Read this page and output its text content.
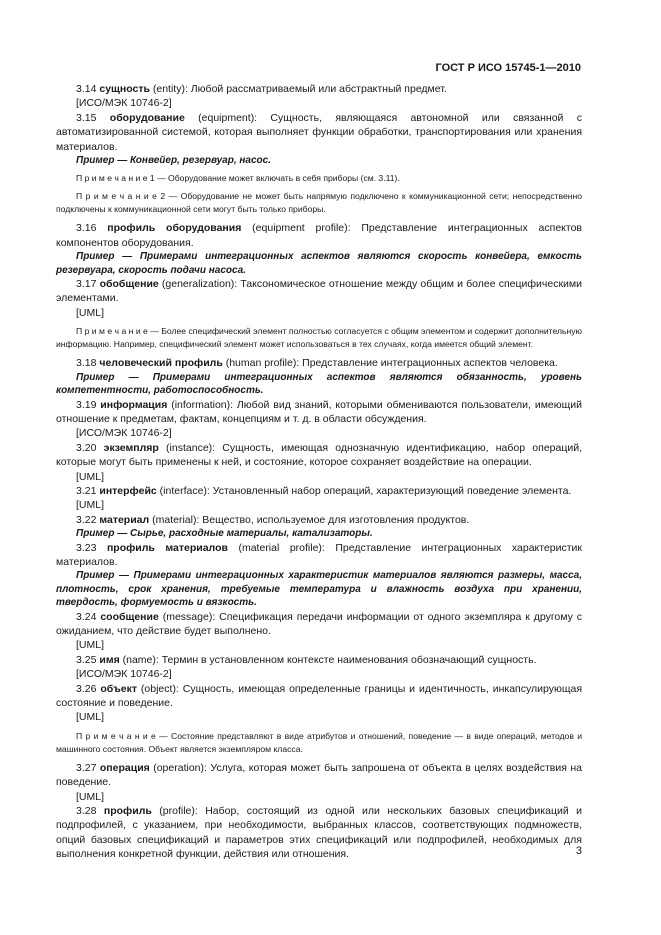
ГОСТ Р ИСО 15745-1—2010

3.14 сущность (entity): Любой рассматриваемый или абстрактный предмет.

[ИСО/МЭК 10746-2]

3.15 оборудование (equipment): Сущность, являющаяся автономной или связанной с автоматизированной системой, которая выполняет функции обработки, транспортирования или хранения материалов.

Пример — Конвейер, резервуар, насос.

П р и м е ч а н и е 1 — Оборудование может включать в себя приборы (см. 3.11).

П р и м е ч а н и е 2 — Оборудование не может быть напрямую подключено к коммуникационной сети; непосредственно подключены к коммуникационной сети могут быть только приборы.

3.16 профиль оборудования (equipment profile): Представление интеграционных аспектов компонентов оборудования.

Пример — Примерами интеграционных аспектов являются скорость конвейера, емкость резервуара, скорость подачи насоса.

3.17 обобщение (generalization): Таксономическое отношение между общим и более специфическими элементами.

[UML]

П р и м е ч а н и е — Более специфический элемент полностью согласуется с общим элементом и содержит дополнительную информацию. Например, специфический элемент может использоваться в тех случаях, когда имеется общий элемент.

3.18 человеческий профиль (human profile): Представление интеграционных аспектов человека.

Пример — Примерами интеграционных аспектов являются обязанность, уровень компетентности, работоспособность.

3.19 информация (information): Любой вид знаний, которыми обмениваются пользователи, имеющий отношение к предметам, фактам, концепциям и т. д. в области обсуждения.

[ИСО/МЭК 10746-2]

3.20 экземпляр (instance): Сущность, имеющая однозначную идентификацию, набор операций, которые могут быть применены к ней, и состояние, которое сохраняет воздействие на операции.

[UML]

3.21 интерфейс (interface): Установленный набор операций, характеризующий поведение элемента.

[UML]

3.22 материал (material): Вещество, используемое для изготовления продуктов.

Пример — Сырье, расходные материалы, катализаторы.

3.23 профиль материалов (material profile): Представление интеграционных характеристик материалов.

Пример — Примерами интеграционных характеристик материалов являются размеры, масса, плотность, срок хранения, требуемые температура и влажность воздуха при хранении, твердость, формуемость и вязкость.

3.24 сообщение (message): Спецификация передачи информации от одного экземпляра к другому с ожиданием, что действие будет выполнено.

[UML]

3.25 имя (name): Термин в установленном контексте наименования обозначающий сущность.

[ИСО/МЭК 10746-2]

3.26 объект (object): Сущность, имеющая определенные границы и идентичность, инкапсулирующая состояние и поведение.

[UML]

П р и м е ч а н и е — Состояние представляют в виде атрибутов и отношений, поведение — в виде операций, методов и машинного состояния. Объект является экземпляром класса.

3.27 операция (operation): Услуга, которая может быть запрошена от объекта в целях воздействия на поведение.

[UML]

3.28 профиль (profile): Набор, состоящий из одной или нескольких базовых спецификаций и подпрофилей, с указанием, при необходимости, выбранных классов, соответствующих подмножеств, опций базовых спецификаций и параметров этих спецификаций или подпрофилей, необходимых для выполнения конкретной функции, действия или отношения.	3
